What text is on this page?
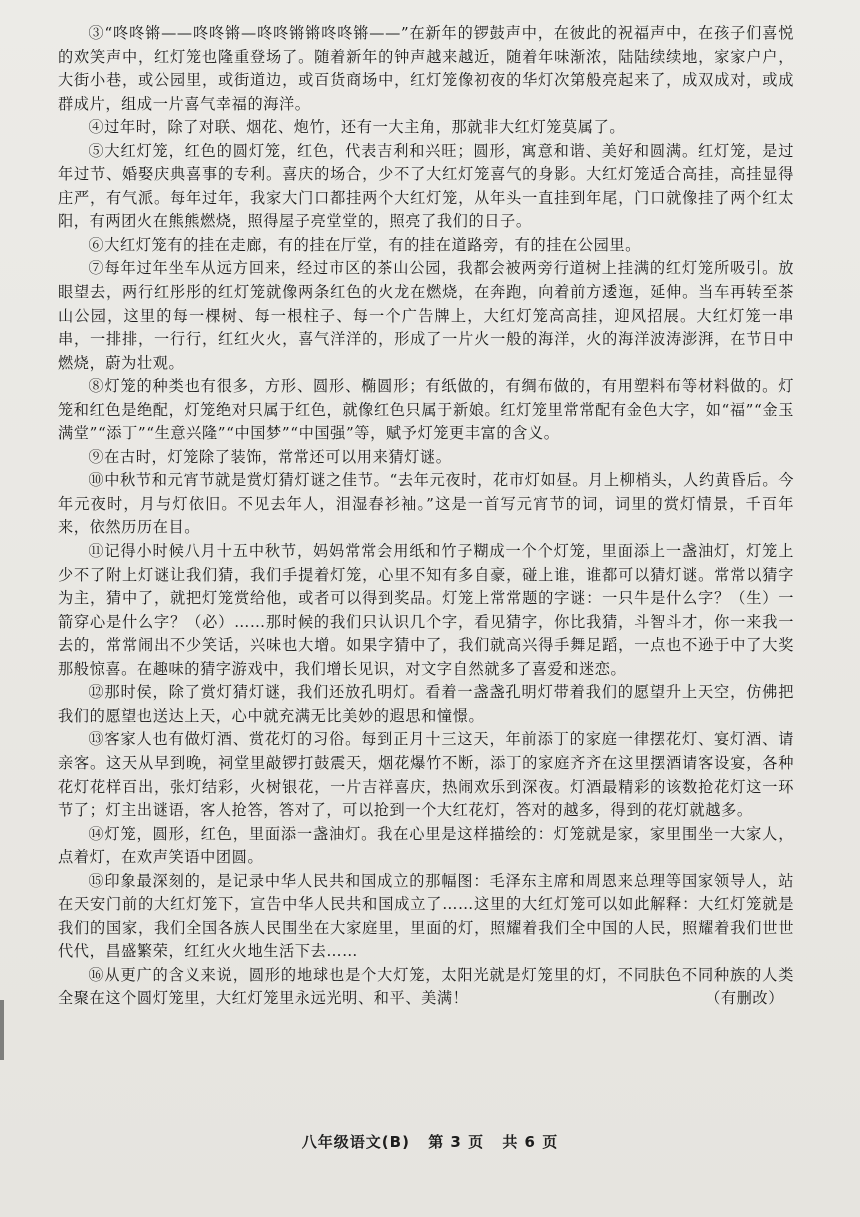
③“咚咚锵——咚咚锵—咚咚锵锵咚咚锵——”在新年的锣鼓声中，在彼此的祝福声中，在孩子们喜悦的欢笑声中，红灯笼也隆重登场了。随着新年的钟声越来越近，随着年味渐浓，陆陆续续地，家家户户，大街小巷，或公园里，或街道边，或百货商场中，红灯笼像初夜的华灯次第般亮起来了，成双成对，或成群成片，组成一片喜气幸福的海洋。

④过年时，除了对联、烟花、炮竹，还有一大主角，那就非大红灯笼莫属了。

⑤大红灯笼，红色的圆灯笼，红色，代表吉利和兴旺；圆形，寓意和谐、美好和圆满。红灯笼，是过年过节、婚娶庆典喜事的专利。喜庆的场合，少不了大红灯笼喜气的身影。大红灯笼适合高挂，高挂显得庄严，有气派。每年过年，我家大门口都挂两个大红灯笼，从年头一直挂到年尾，门口就像挂了两个红太阳，有两团火在熊熊燃烧，照得屋子亮堂堂的，照亮了我们的日子。

⑥大红灯笼有的挂在走廊，有的挂在厅堂，有的挂在道路旁，有的挂在公园里。

⑦每年过年坐车从远方回来，经过市区的茶山公园，我都会被两旁行道树上挂满的红灯笼所吸引。放眼望去，两行红彤彤的红灯笼就像两条红色的火龙在燃烧，在奔跑，向着前方逶迤，延伸。当车再转至茶山公园，这里的每一棵树、每一根柱子、每一个广告牌上，大红灯笼高高挂，迎风招展。大红灯笼一串串，一排排，一行行，红红火火，喜气洋洋的，形成了一片火一般的海洋，火的海洋波涛澎湃，在节日中燃烧，蔚为壮观。

⑧灯笼的种类也有很多，方形、圆形、椭圆形；有纸做的，有绸布做的，有用塑料布等材料做的。灯笼和红色是绝配，灯笼绝对只属于红色，就像红色只属于新娘。红灯笼里常常配有金色大字，如“福”“金玉满堂”“添丁”“生意兴隆”“中国梦”“中国强”等，赋予灯笼更丰富的含义。

⑨在古时，灯笼除了装饰，常常还可以用来猜灯谜。

⑩中秋节和元宵节就是赏灯猜灯谜之佳节。“去年元夜时，花市灯如昼。月上柳梢头，人约黄昏后。今年元夜时，月与灯依旧。不见去年人，泪湿春衫袖。”这是一首写元宵节的词，词里的赏灯情景，千百年来，依然历历在目。

⑪记得小时候八月十五中秋节，妈妈常常会用纸和竹子糊成一个个灯笼，里面添上一盏油灯，灯笼上少不了附上灯谜让我们猜，我们手提着灯笼，心里不知有多自豪，碰上谁，谁都可以猜灯谜。常常以猜字为主，猜中了，就把灯笼赏给他，或者可以得到奖品。灯笼上常常题的字谜：一只牛是什么字？（生）一箭穿心是什么字？（必）……那时候的我们只认识几个字，看见猜字，你比我猜，斗智斗才，你一来我一去的，常常闹出不少笑话，兴味也大增。如果字猜中了，我们就高兴得手舞足蹈，一点也不逊于中了大奖那般惊喜。在趣味的猜字游戏中，我们增长见识，对文字自然就多了喜爱和迷恋。

⑫那时侯，除了赏灯猜灯谜，我们还放孔明灯。看着一盏盏孔明灯带着我们的愿望升上天空，仿佛把我们的愿望也送达上天，心中就充满无比美妙的遐思和憧憬。

⑬客家人也有做灯酒、赏花灯的习俗。每到正月十三这天，年前添丁的家庭一律摆花灯、宴灯酒、请亲客。这天从早到晚，祠堂里敲锣打鼓震天，烟花爆竹不断，添丁的家庭齐齐在这里摆酒请客设宴，各种花灯花样百出，张灯结彩，火树银花，一片吉祥喜庆，热闹欢乐到深夜。灯酒最精彩的该数抢花灯这一环节了；灯主出谜语，客人抢答，答对了，可以抢到一个大红花灯，答对的越多，得到的花灯就越多。

⑭灯笼，圆形，红色，里面添一盏油灯。我在心里是这样描绘的：灯笼就是家，家里围坐一大家人，点着灯，在欢声笑语中团圆。

⑮印象最深刻的，是记录中华人民共和国成立的那幅图：毛泽东主席和周恩来总理等国家领导人，站在天安门前的大红灯笼下，宣告中华人民共和国成立了……这里的大红灯笼可以如此解释：大红灯笼就是我们的国家，我们全国各族人民围坐在大家庭里，里面的灯，照耀着我们全中国的人民，照耀着我们世世代代，昌盛繁荣，红红火火地生活下去……

⑯从更广的含义来说，圆形的地球也是个大灯笼，太阳光就是灯笼里的灯，不同肤色不同种族的人类全聚在这个圆灯笼里，大红灯笼里永远光明、和平、美满！	（有删改）

八年级语文(B) 第 3 页 共 6 页
